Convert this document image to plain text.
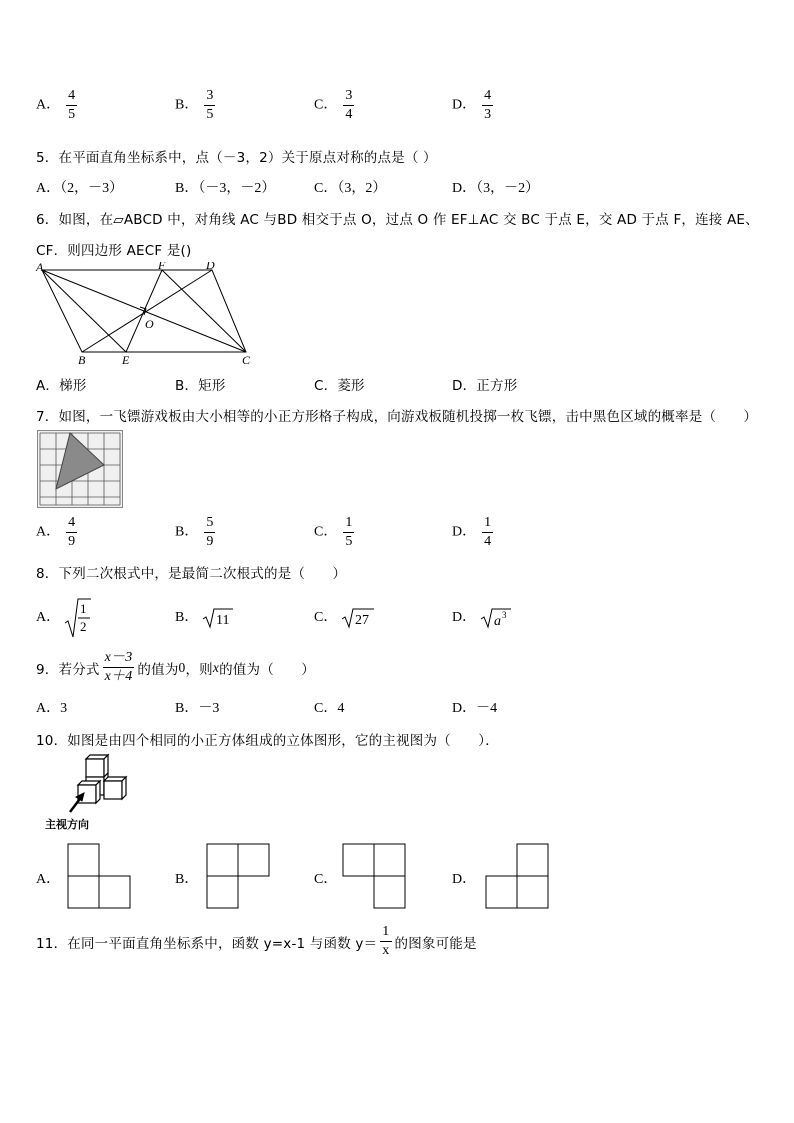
A． $\frac{4}{5}$	B． $\frac{3}{5}$	C． $\frac{3}{4}$	D． $\frac{4}{3}$
5．在平面直角坐标系中，点（－3，2）关于原点对称的点是（ ）
A．（2，－3）	B．（－3，－2）	C．（3，2）	D．（3，－2）
6．如图，在▱ABCD 中，对角线 AC 与BD 相交于点 O，过点 O 作 EF⊥AC 交 BC 于点 E，交 AD 于点 F，连接 AE、
CF．则四边形 AECF 是()
A	F	D
O
B	E	C
A．梯形	B．矩形	C．菱形	D．正方形
7．如图，一飞镖游戏板由大小相等的小正方形格子构成，向游戏板随机投掷一枚飞镖，击中黑色区域的概率是（　　）
A． $\frac{4}{9}$	B． $\frac{5}{9}$	C． $\frac{1}{5}$	D． $\frac{1}{4}$
8．下列二次根式中，是最简二次根式的是（　　）
A．
1
2
B． 11	C． 27	D． a 3
9．若分式 $\frac{x-3}{x+4}$ 的值为 0 ，则 x 的值为（　　）
A．3	B．－3	C．4	D．－4
10．如图是由四个相同的小正方体组成的立体图形，它的主视图为（　　）．
主视方向
A．	B．	C．	D．
11．在同一平面直角坐标系中，函数 y=x-1 与函数 $y= \frac{1}{x}$ 的图象可能是
